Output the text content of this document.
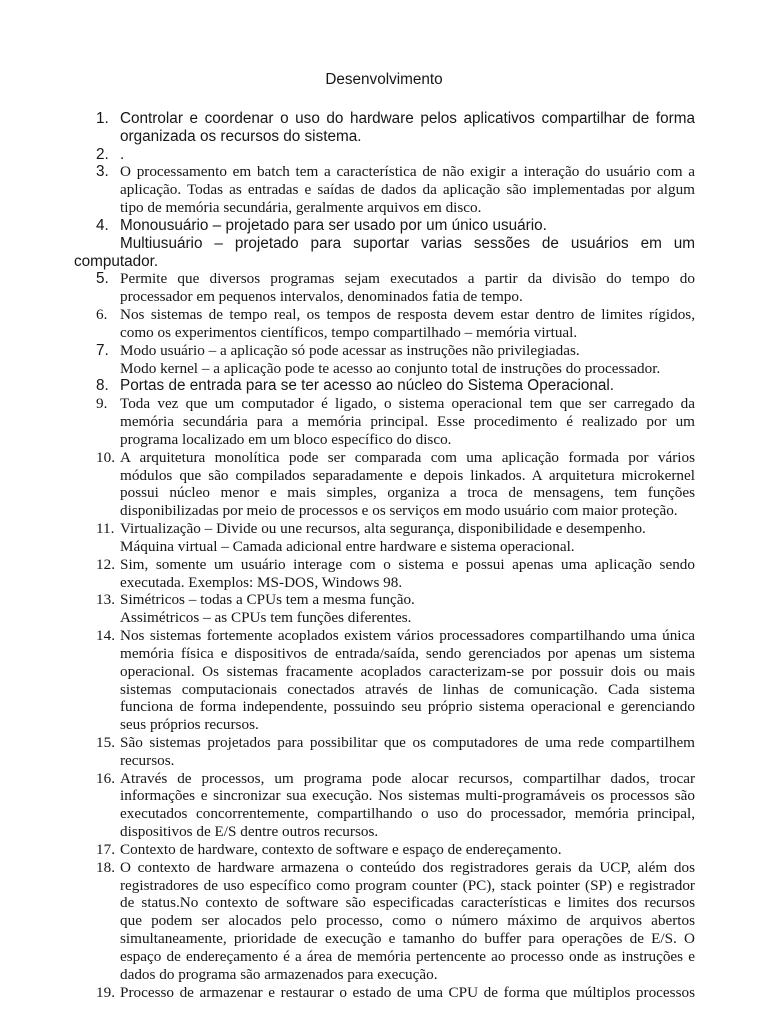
Desenvolvimento
1. Controlar e coordenar o uso do hardware pelos aplicativos compartilhar de forma
organizada os recursos do sistema.
2. .
3. O processamento em batch tem a característica de não exigir a interação do usuário com a
aplicação. Todas as entradas e saídas de dados da aplicação são implementadas por algum
tipo de memória secundária, geralmente arquivos em disco.
4. Monousuário – projetado para ser usado por um único usuário.
Multiusuário – projetado para suportar varias sessões de usuários em um
computador.
5. Permite que diversos programas sejam executados a partir da divisão do tempo do
processador em pequenos intervalos, denominados fatia de tempo.
6. Nos sistemas de tempo real, os tempos de resposta devem estar dentro de limites rígidos,
como os experimentos científicos, tempo compartilhado – memória virtual.
7. Modo usuário – a aplicação só pode acessar as instruções não privilegiadas.
Modo kernel – a aplicação pode te acesso ao conjunto total de instruções do processador.
8. Portas de entrada para se ter acesso ao núcleo do Sistema Operacional.
9. Toda vez que um computador é ligado, o sistema operacional tem que ser carregado da
memória secundária para a memória principal. Esse procedimento é realizado por um
programa localizado em um bloco específico do disco.
10. A arquitetura monolítica pode ser comparada com uma aplicação formada por vários
módulos que são compilados separadamente e depois linkados. A arquitetura microkernel
possui núcleo menor e mais simples, organiza a troca de mensagens, tem funções
disponibilizadas por meio de processos e os serviços em modo usuário com maior proteção.
11. Virtualização – Divide ou une recursos, alta segurança, disponibilidade e desempenho.
Máquina virtual – Camada adicional entre hardware e sistema operacional.
12. Sim, somente um usuário interage com o sistema e possui apenas uma aplicação sendo
executada. Exemplos: MS-DOS, Windows 98.
13. Simétricos – todas a CPUs tem a mesma função.
Assimétricos – as CPUs tem funções diferentes.
14. Nos sistemas fortemente acoplados existem vários processadores compartilhando uma única
memória física e dispositivos de entrada/saída, sendo gerenciados por apenas um sistema
operacional. Os sistemas fracamente acoplados caracterizam-se por possuir dois ou mais
sistemas computacionais conectados através de linhas de comunicação. Cada sistema
funciona de forma independente, possuindo seu próprio sistema operacional e gerenciando
seus próprios recursos.
15. São sistemas projetados para possibilitar que os computadores de uma rede compartilhem
recursos.
16. Através de processos, um programa pode alocar recursos, compartilhar dados, trocar
informações e sincronizar sua execução. Nos sistemas multi-programáveis os processos são
executados concorrentemente, compartilhando o uso do processador, memória principal,
dispositivos de E/S dentre outros recursos.
17. Contexto de hardware, contexto de software e espaço de endereçamento.
18. O contexto de hardware armazena o conteúdo dos registradores gerais da UCP, além dos
registradores de uso específico como program counter (PC), stack pointer (SP) e registrador
de status.No contexto de software são especificadas características e limites dos recursos
que podem ser alocados pelo processo, como o número máximo de arquivos abertos
simultaneamente, prioridade de execução e tamanho do buffer para operações de E/S. O
espaço de endereçamento é a área de memória pertencente ao processo onde as instruções e
dados do programa são armazenados para execução.
19. Processo de armazenar e restaurar o estado de uma CPU de forma que múltiplos processos
